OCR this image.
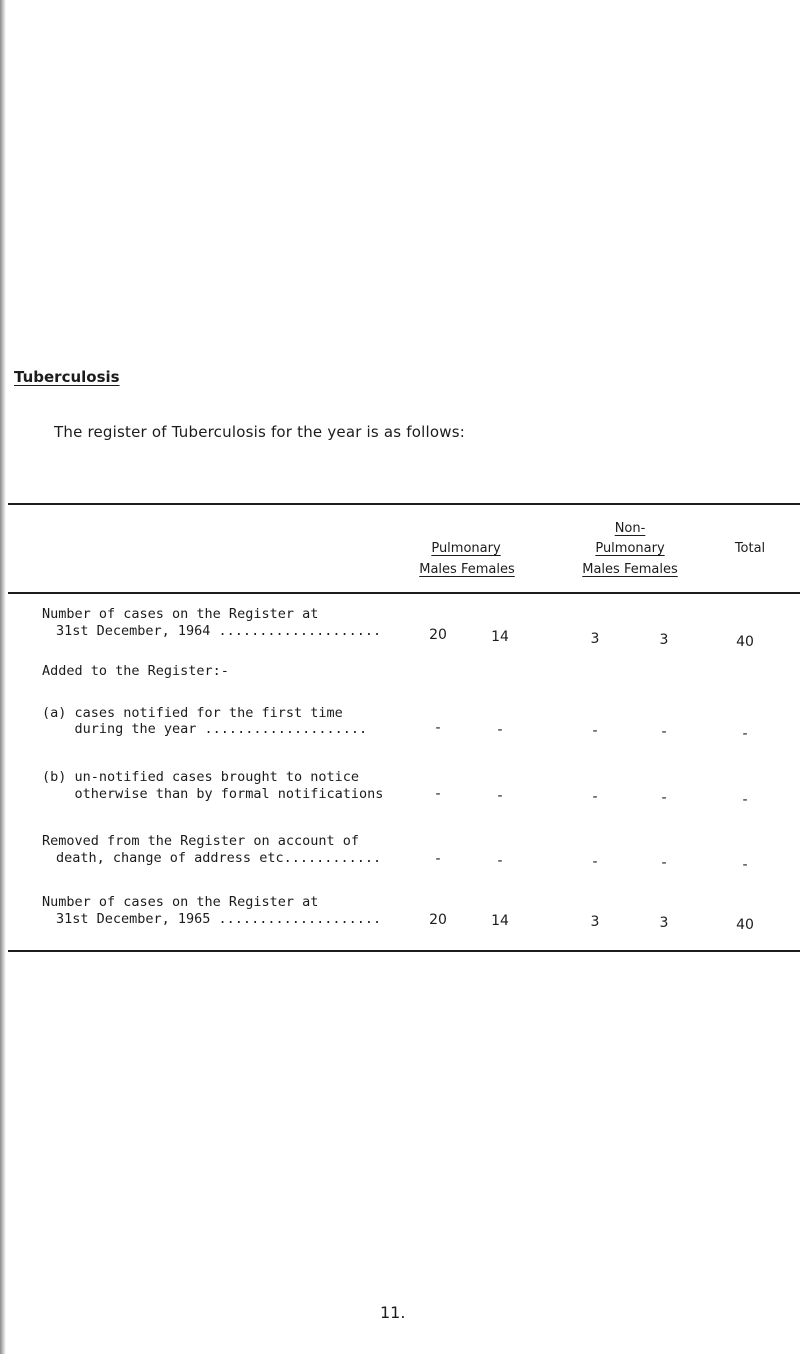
Tuberculosis
The register of Tuberculosis for the year is as follows:
Pulmonary
Males Females
Non-
Pulmonary
Males Females
Total
Number of cases on the Register at
31st December, 1964 ....................	20	14	3	3	40
Added to the Register:-
(a) cases notified for the first time
during the year ....................	-	-	-	-	-
(b) un-notified cases brought to notice
otherwise than by formal notifications	-	-	-	-	-
Removed from the Register on account of
death, change of address etc............	-	-	-	-	-
Number of cases on the Register at
31st December, 1965 ....................	20	14	3	3	40
11.
